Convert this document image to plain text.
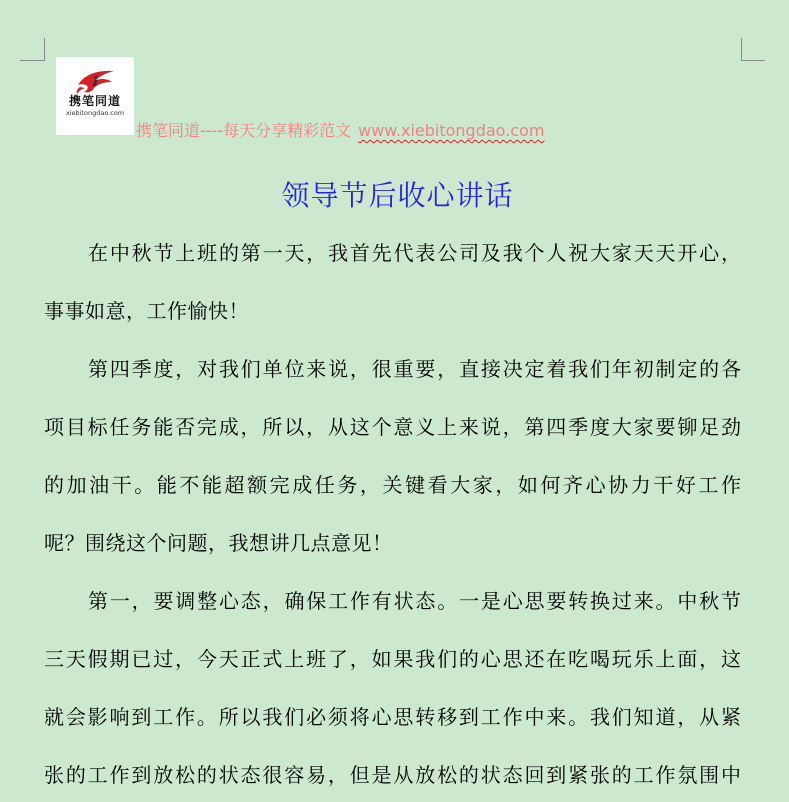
携笔同道
xiebitongdao.com
携笔同道----每天分享精彩范文 www.xiebitongdao.com
领导节后收心讲话
在中秋节上班的第一天，我首先代表公司及我个人祝大家天天开心，
事事如意，工作愉快！
第四季度，对我们单位来说，很重要，直接决定着我们年初制定的各
项目标任务能否完成，所以，从这个意义上来说，第四季度大家要铆足劲
的加油干。能不能超额完成任务，关键看大家，如何齐心协力干好工作
呢？围绕这个问题，我想讲几点意见！
第一，要调整心态，确保工作有状态。一是心思要转换过来。中秋节
三天假期已过，今天正式上班了，如果我们的心思还在吃喝玩乐上面，这
就会影响到工作。所以我们必须将心思转移到工作中来。我们知道，从紧
张的工作到放松的状态很容易，但是从放松的状态回到紧张的工作氛围中
